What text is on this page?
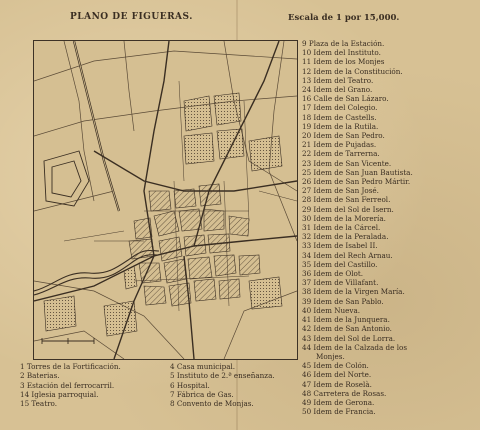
PLANO DE FIGUERAS.	Escala de 1 por 15,000.
9 Plaza de la Estación.
10 Idem del Instituto.
11 Idem de los Monjes
12 Idem de la Constitución.
13 Idem del Teatro.
24 Idem del Grano.
16 Calle de San Lázaro.
17 Idem del Colegio.
18 Idem de Castells.
19 Idem de la Rutila.
20 Idem de San Pedro.
21 Idem de Pujadas.
22 Idem de Tarrerna.
23 Idem de San Vicente.
25 Idem de San Juan Bautista.
26 Idem de San Pedro Mártir.
27 Idem de San José.
28 Idem de San Ferreol.
29 Idem del Sol de Isern.
30 Idem de la Morería.
31 Idem de la Cárcel.
32 Idem de la Peralada.
33 Idem de Isabel II.
34 Idem del Rech Arnau.
35 Idem del Castillo.
36 Idem de Olot.
37 Idem de Villafant.
38 Idem de la Virgen María.
39 Idem de San Pablo.
40 Idem Nueva.
41 Idem de la Junquera.
42 Idem de San Antonio.
43 Idem del Sol de Lorra.
44 Idem de la Calzada de los
Monjes.
45 Idem de Colón.
46 Idem del Norte.
47 Idem de Roselà.
48 Carretera de Rosas.
49 Idem de Gerona.
50 Idem de Francia.
1 Torres de la Fortificación.
2 Baterias.
3 Estación del ferrocarril.
14 Iglesia parroquial.
15 Teatro.
4 Casa municipal.
5 Instituto de 2.ª enseñanza.
6 Hospital.
7 Fábrica de Gas.
8 Convento de Monjas.
